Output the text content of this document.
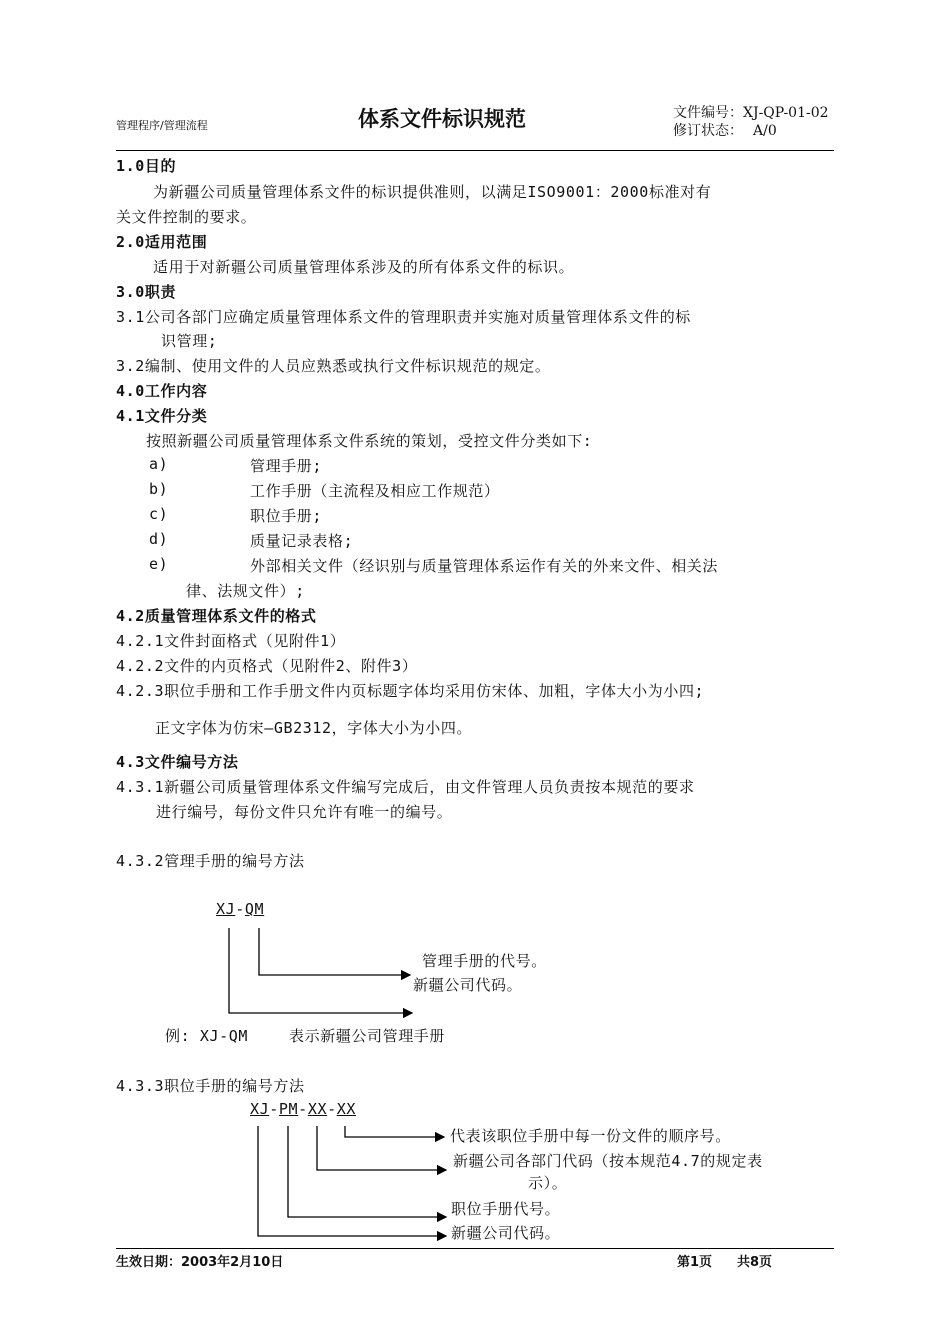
管理程序/管理流程	体系文件标识规范	文件编号：XJ-QP-01-02
修订状态： A/0
1.0目的
为新疆公司质量管理体系文件的标识提供准则，以满足ISO9001：2000标准对有
关文件控制的要求。
2.0适用范围
适用于对新疆公司质量管理体系涉及的所有体系文件的标识。
3.0职责
3.1公司各部门应确定质量管理体系文件的管理职责并实施对质量管理体系文件的标
识管理;
3.2编制、使用文件的人员应熟悉或执行文件标识规范的规定。
4.0工作内容
4.1文件分类
按照新疆公司质量管理体系文件系统的策划，受控文件分类如下:
a)	管理手册;
b)	工作手册（主流程及相应工作规范）
c)	职位手册;
d)	质量记录表格;
e)	外部相关文件（经识别与质量管理体系运作有关的外来文件、相关法
律、法规文件）;
4.2质量管理体系文件的格式
4.2.1文件封面格式（见附件1）
4.2.2文件的内页格式（见附件2、附件3）
4.2.3职位手册和工作手册文件内页标题字体均采用仿宋体、加粗，字体大小为小四;
正文字体为仿宋—GB2312，字体大小为小四。
4.3文件编号方法
4.3.1新疆公司质量管理体系文件编写完成后，由文件管理人员负责按本规范的要求
进行编号，每份文件只允许有唯一的编号。
4.3.2管理手册的编号方法
XJ-QM
管理手册的代号。
新疆公司代码。
例: XJ-QM	表示新疆公司管理手册
4.3.3职位手册的编号方法
XJ-PM-XX-XX
代表该职位手册中每一份文件的顺序号。
新疆公司各部门代码（按本规范4.7的规定表
示）。
职位手册代号。
新疆公司代码。
生效日期：2003年2月10日	第1页 共8页
